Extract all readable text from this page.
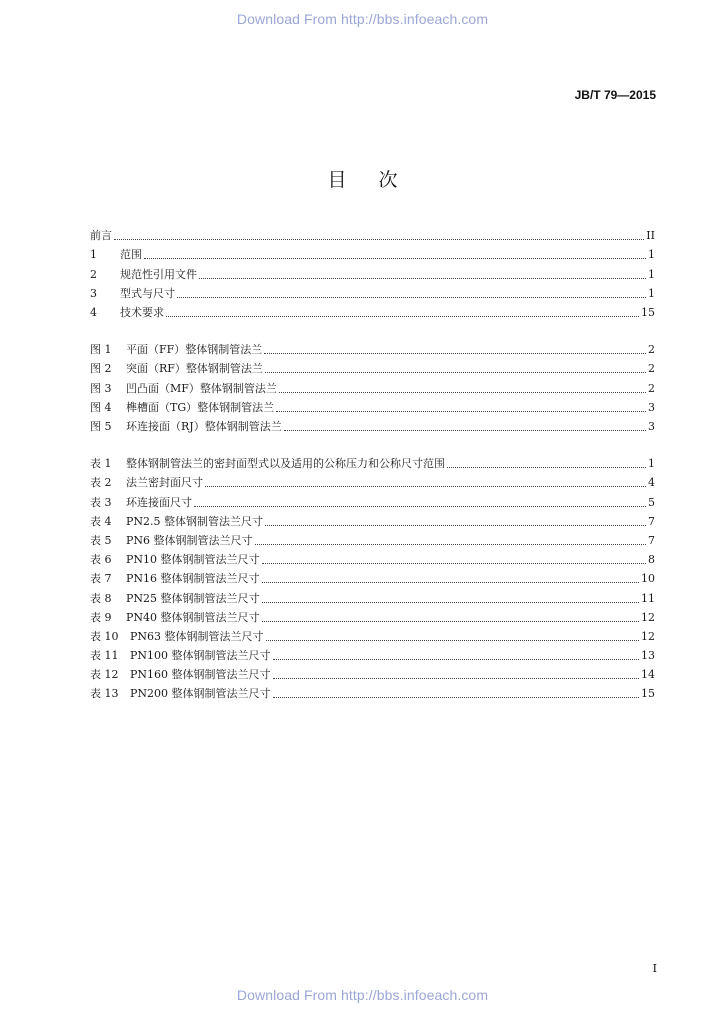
Download From http://bbs.infoeach.com
JB/T 79—2015
目次
前言	II
1	范围	1
2	规范性引用文件	1
3	型式与尺寸	1
4	技术要求	15
图 1	平面（FF）整体钢制管法兰	2
图 2	突面（RF）整体钢制管法兰	2
图 3	凹凸面（MF）整体钢制管法兰	2
图 4	榫槽面（TG）整体钢制管法兰	3
图 5	环连接面（RJ）整体钢制管法兰	3
表 1	整体钢制管法兰的密封面型式以及适用的公称压力和公称尺寸范围	1
表 2	法兰密封面尺寸	4
表 3	环连接面尺寸	5
表 4	PN2.5 整体钢制管法兰尺寸	7
表 5	PN6 整体钢制管法兰尺寸	7
表 6	PN10 整体钢制管法兰尺寸	8
表 7	PN16 整体钢制管法兰尺寸	10
表 8	PN25 整体钢制管法兰尺寸	11
表 9	PN40 整体钢制管法兰尺寸	12
表 10	PN63 整体钢制管法兰尺寸	12
表 11	PN100 整体钢制管法兰尺寸	13
表 12	PN160 整体钢制管法兰尺寸	14
表 13	PN200 整体钢制管法兰尺寸	15
I
Download From http://bbs.infoeach.com
